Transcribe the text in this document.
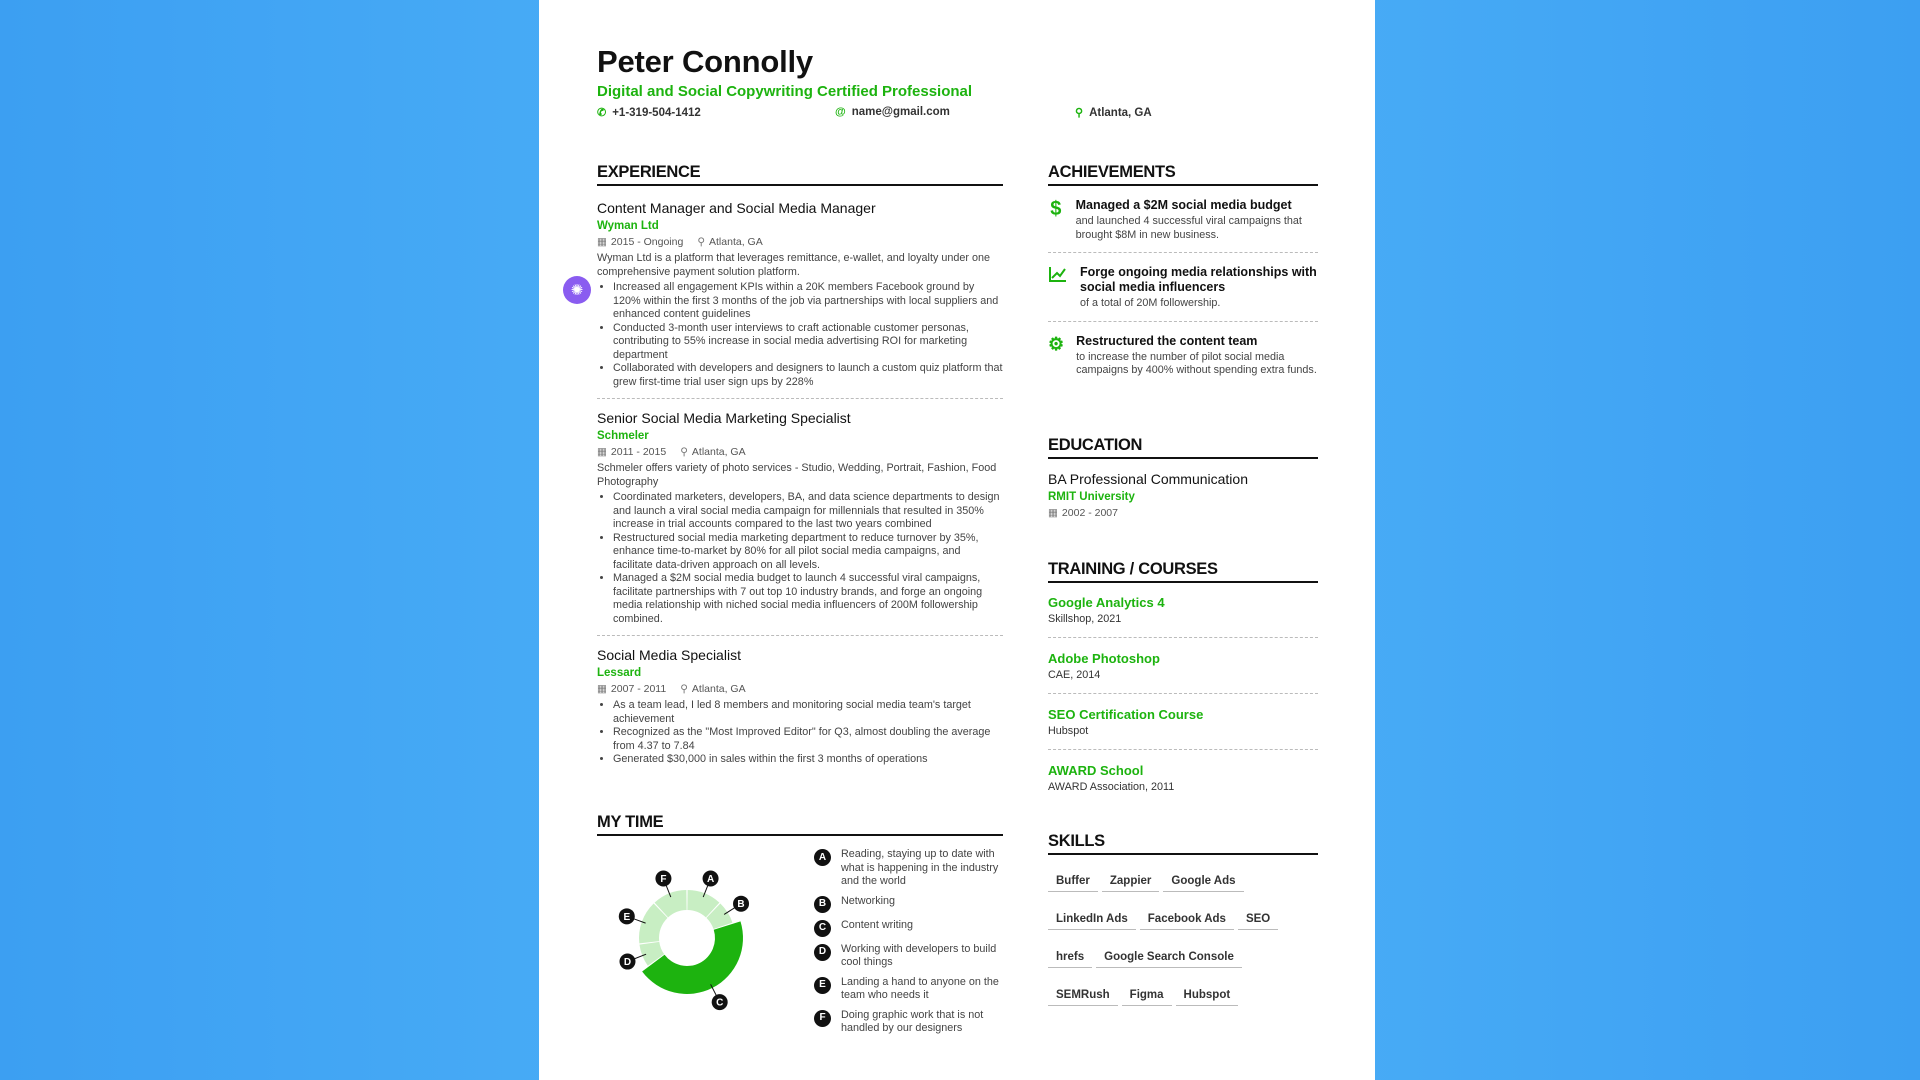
Peter Connolly
Digital and Social Copywriting Certified Professional
✆ +1-319-504-1412	@ name@gmail.com	⚲ Atlanta, GA
EXPERIENCE
Content Manager and Social Media Manager
Wyman Ltd
▦ 2015 - Ongoing ⚲ Atlanta, GA
Wyman Ltd is a platform that leverages remittance, e-wallet, and loyalty under one comprehensive payment solution platform.
• Increased all engagement KPIs within a 20K members Facebook ground by 120% within the first 3 months of the job via partnerships with local suppliers and enhanced content guidelines
• Conducted 3-month user interviews to craft actionable customer personas, contributing to 55% increase in social media advertising ROI for marketing department
• Collaborated with developers and designers to launch a custom quiz platform that grew first-time trial user sign ups by 228%
Senior Social Media Marketing Specialist
Schmeler
▦ 2011 - 2015 ⚲ Atlanta, GA
Schmeler offers variety of photo services - Studio, Wedding, Portrait, Fashion, Food Photography
• Coordinated marketers, developers, BA, and data science departments to design and launch a viral social media campaign for millennials that resulted in 350% increase in trial accounts compared to the last two years combined
• Restructured social media marketing department to reduce turnover by 35%, enhance time-to-market by 80% for all pilot social media campaigns, and facilitate data-driven approach on all levels.
• Managed a $2M social media budget to launch 4 successful viral campaigns, facilitate partnerships with 7 out top 10 industry brands, and forge an ongoing media relationship with niched social media influencers of 200M followership combined.
Social Media Specialist
Lessard
▦ 2007 - 2011 ⚲ Atlanta, GA
• As a team lead, I led 8 members and monitoring social media team's target achievement
• Recognized as the "Most Improved Editor" for Q3, almost doubling the average from 4.37 to 7.84
• Generated $30,000 in sales within the first 3 months of operations
MY TIME
A
B
C
D
E
F
A	Reading, staying up to date with what is happening in the industry and the world
B	Networking
C	Content writing
D	Working with developers to build cool things
E	Landing a hand to anyone on the team who needs it
F	Doing graphic work that is not handled by our designers
ACHIEVEMENTS
$ Managed a $2M social media budget
and launched 4 successful viral campaigns that brought $8M in new business.
Forge ongoing media relationships with social media influencers
of a total of 20M followership.
⚙ Restructured the content team
to increase the number of pilot social media campaigns by 400% without spending extra funds.
EDUCATION
BA Professional Communication
RMIT University
▦ 2002 - 2007
TRAINING / COURSES
Google Analytics 4
Skillshop, 2021
Adobe Photoshop
CAE, 2014
SEO Certification Course
Hubspot
AWARD School
AWARD Association, 2011
SKILLS
Buffer Zappier Google Ads
LinkedIn Ads Facebook Ads SEO
hrefs Google Search Console
SEMRush Figma Hubspot
✺
